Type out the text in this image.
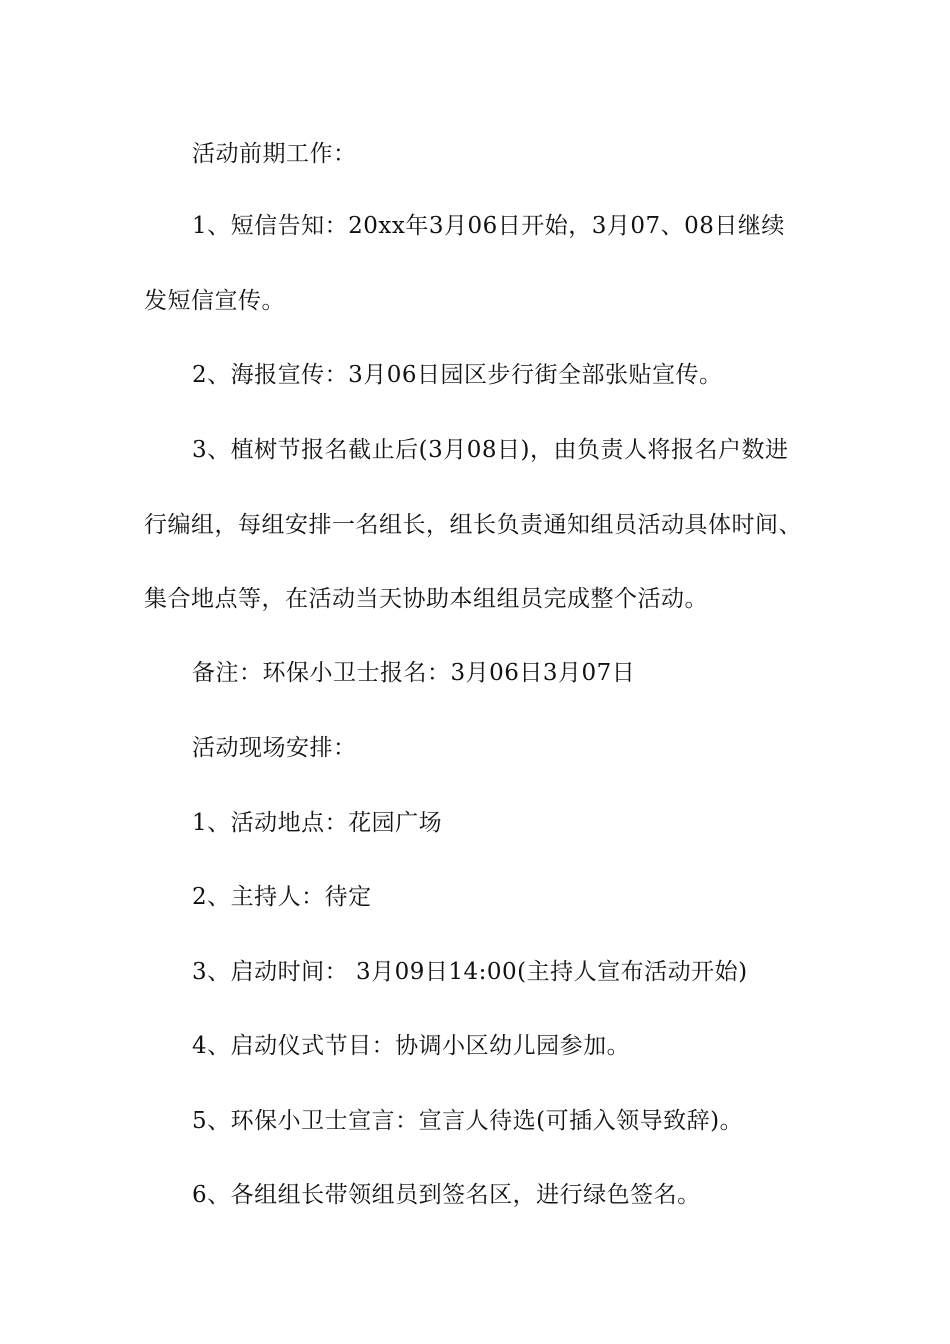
活动前期工作：
1、短信告知：20xx年3月06日开始，3月07、08日继续
发短信宣传。
2、海报宣传：3月06日园区步行街全部张贴宣传。
3、植树节报名截止后(3月08日)，由负责人将报名户数进
行编组，每组安排一名组长，组长负责通知组员活动具体时间、
集合地点等，在活动当天协助本组组员完成整个活动。
备注：环保小卫士报名：3月06日3月07日
活动现场安排：
1、活动地点：花园广场
2、主持人：待定
3、启动时间： 3月09日14:00(主持人宣布活动开始)
4、启动仪式节目：协调小区幼儿园参加。
5、环保小卫士宣言：宣言人待选(可插入领导致辞)。
6、各组组长带领组员到签名区，进行绿色签名。
